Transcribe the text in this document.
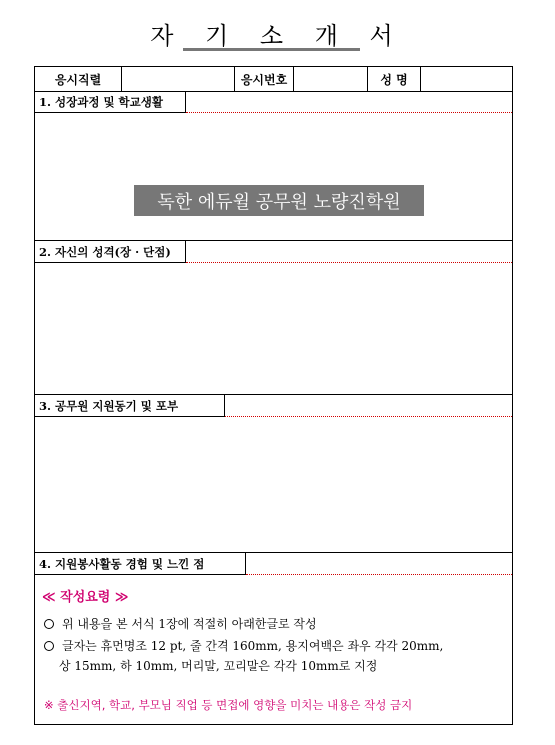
자 기 소 개 서
응시직렬	응시번호	성 명
1. 성장과정 및 학교생활
독한 에듀윌 공무원 노량진학원
2. 자신의 성격(장 · 단점)
3. 공무원 지원동기 및 포부
4. 지원봉사활동 경험 및 느낀 점
≪ 작성요령 ≫
위 내용을 본 서식 1장에 적절히 아래한글로 작성
글자는 휴먼명조 12 pt, 줄 간격 160mm, 용지여백은 좌우 각각 20mm,
상 15mm, 하 10mm, 머리말, 꼬리말은 각각 10mm로 지정
※ 출신지역, 학교, 부모님 직업 등 면접에 영향을 미치는 내용은 작성 금지
